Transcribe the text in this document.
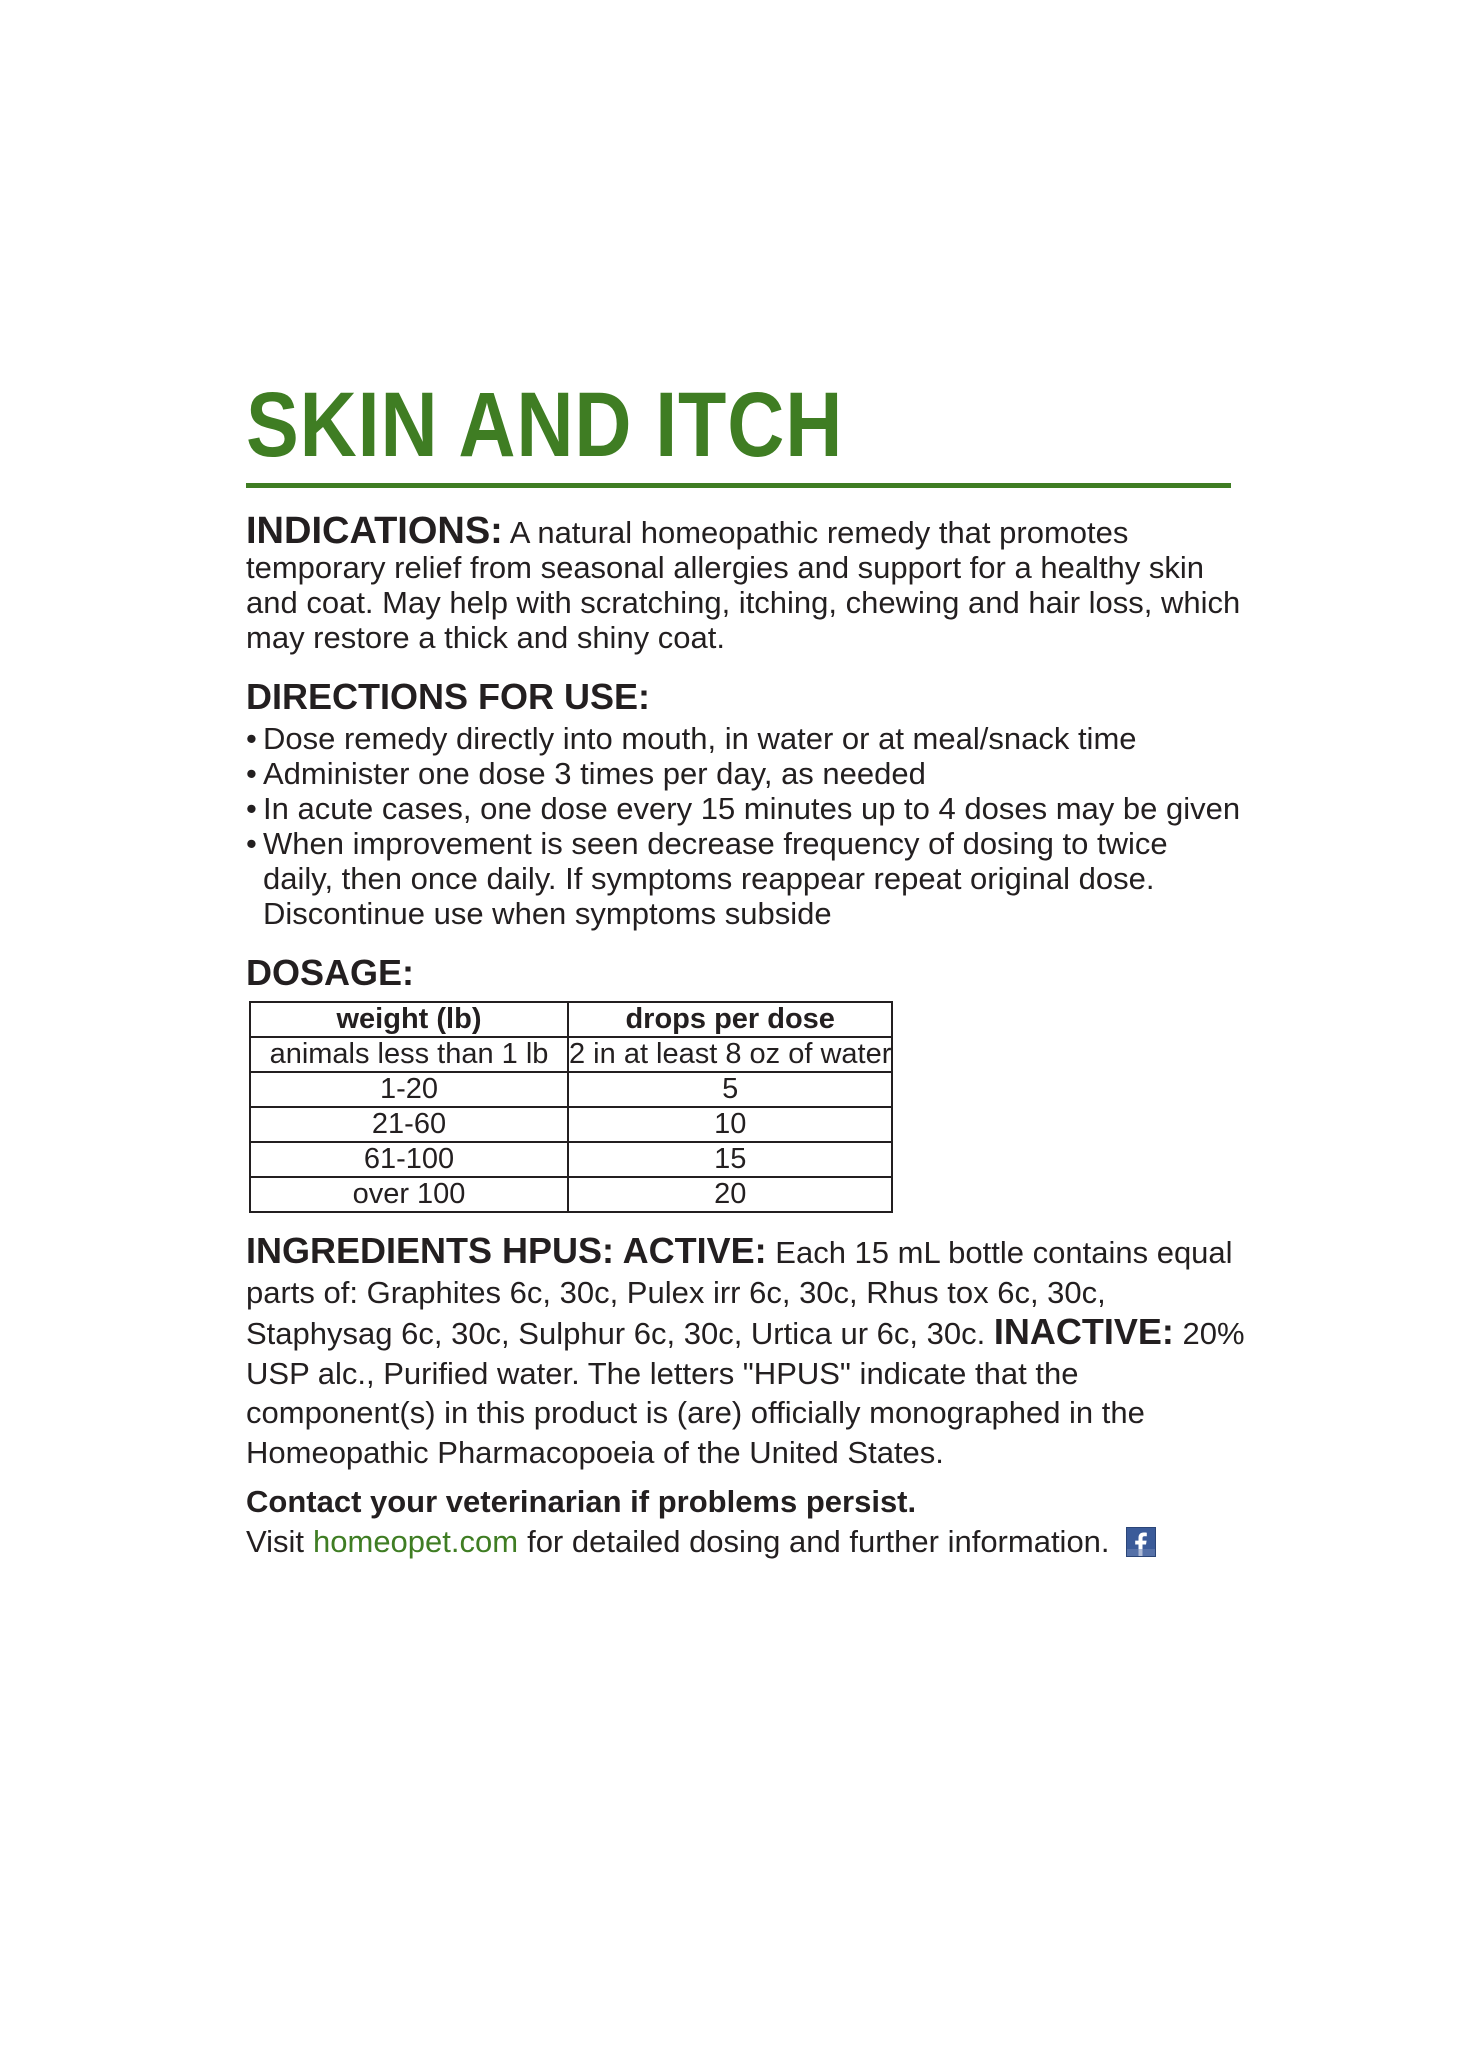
SKIN AND ITCH
INDICATIONS: A natural homeopathic remedy that promotes temporary relief from seasonal allergies and support for a healthy skin and coat. May help with scratching, itching, chewing and hair loss, which may restore a thick and shiny coat.
DIRECTIONS FOR USE:
• Dose remedy directly into mouth, in water or at meal/snack time
• Administer one dose 3 times per day, as needed
• In acute cases, one dose every 15 minutes up to 4 doses may be given
• When improvement is seen decrease frequency of dosing to twice daily, then once daily. If symptoms reappear repeat original dose. Discontinue use when symptoms subside
DOSAGE:
weight (lb)	drops per dose
animals less than 1 lb	2 in at least 8 oz of water
1-20	5
21-60	10
61-100	15
over 100	20
INGREDIENTS HPUS: ACTIVE: Each 15 mL bottle contains equal parts of: Graphites 6c, 30c, Pulex irr 6c, 30c, Rhus tox 6c, 30c, Staphysag 6c, 30c, Sulphur 6c, 30c, Urtica ur 6c, 30c. INACTIVE: 20% USP alc., Purified water. The letters "HPUS" indicate that the component(s) in this product is (are) officially monographed in the Homeopathic Pharmacopoeia of the United States.
Contact your veterinarian if problems persist.
Visit homeopet.com for detailed dosing and further information.
